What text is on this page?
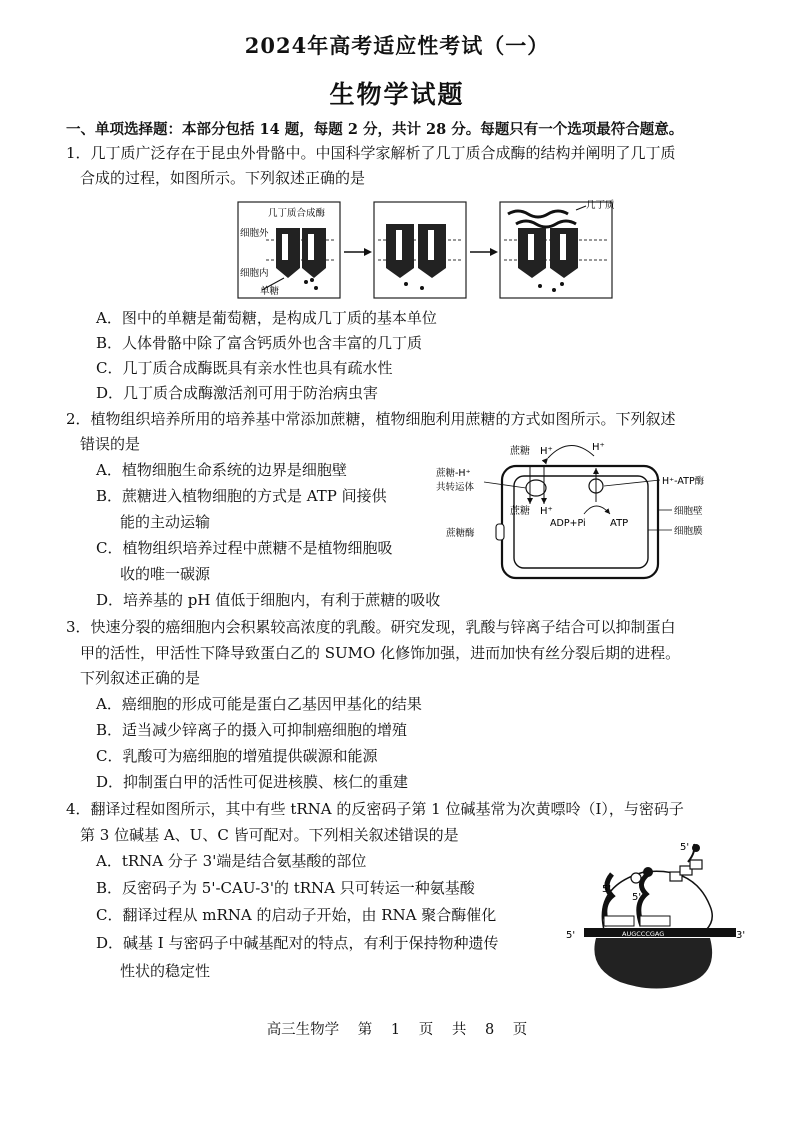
2024年高考适应性考试（一）
生物学试题
一、单项选择题：本部分包括 14 题，每题 2 分，共计 28 分。每题只有一个选项最符合题意。
1．几丁质广泛存在于昆虫外骨骼中。中国科学家解析了几丁质合成酶的结构并阐明了几丁质
合成的过程，如图所示。下列叙述正确的是
几丁质合成酶
细胞外
细胞内
单糖
几丁质
A．图中的单糖是葡萄糖，是构成几丁质的基本单位
B．人体骨骼中除了富含钙质外也含丰富的几丁质
C．几丁质合成酶既具有亲水性也具有疏水性
D．几丁质合成酶激活剂可用于防治病虫害
2．植物组织培养所用的培养基中常添加蔗糖，植物细胞利用蔗糖的方式如图所示。下列叙述
错误的是
A．植物细胞生命系统的边界是细胞壁
B．蔗糖进入植物细胞的方式是 ATP 间接供
能的主动运输
C．植物组织培养过程中蔗糖不是植物细胞吸
收的唯一碳源
D．培养基的 pH 值低于细胞内，有利于蔗糖的吸收
蔗糖 H⁺	H⁺
蔗糖-H⁺
共转运体
蔗糖 H⁺
ADP+Pi ATP
H⁺-ATP酶
细胞壁
细胞膜
蔗糖酶
3．快速分裂的癌细胞内会积累较高浓度的乳酸。研究发现，乳酸与锌离子结合可以抑制蛋白
甲的活性，甲活性下降导致蛋白乙的 SUMO 化修饰加强，进而加快有丝分裂后期的进程。
下列叙述正确的是
A．癌细胞的形成可能是蛋白乙基因甲基化的结果
B．适当减少锌离子的摄入可抑制癌细胞的增殖
C．乳酸可为癌细胞的增殖提供碳源和能源
D．抑制蛋白甲的活性可促进核膜、核仁的重建
4．翻译过程如图所示，其中有些 tRNA 的反密码子第 1 位碱基常为次黄嘌呤（I），与密码子
第 3 位碱基 A、U、C 皆可配对。下列相关叙述错误的是
A．tRNA 分子 3'端是结合氨基酸的部位
B．反密码子为 5'-CAU-3'的 tRNA 只可转运一种氨基酸
C．翻译过程从 mRNA 的启动子开始，由 RNA 聚合酶催化
D．碱基 I 与密码子中碱基配对的特点，有利于保持物种遗传
性状的稳定性
5'	3'
AUGCCCGAG
5'
5'
5'
高三生物学 第 1 页 共 8 页
